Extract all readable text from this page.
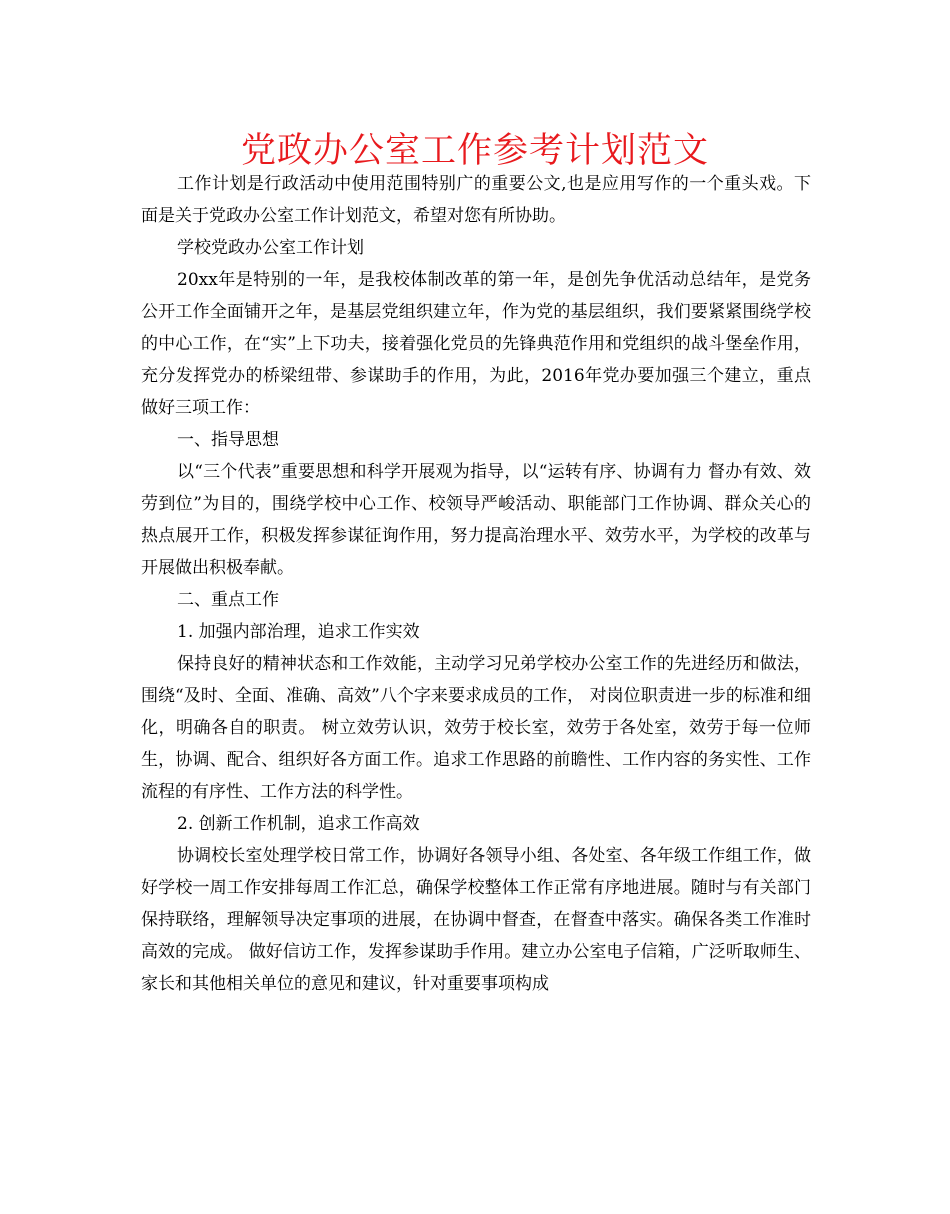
党政办公室工作参考计划范文

工作计划是行政活动中使用范围特别广的重要公文,也是应用写作的一个重头戏。下面是关于党政办公室工作计划范文，希望对您有所协助。

学校党政办公室工作计划

20xx年是特别的一年，是我校体制改革的第一年，是创先争优活动总结年，是党务公开工作全面铺开之年，是基层党组织建立年，作为党的基层组织，我们要紧紧围绕学校的中心工作，在“实”上下功夫，接着强化党员的先锋典范作用和党组织的战斗堡垒作用，充分发挥党办的桥梁纽带、参谋助手的作用，为此，2016年党办要加强三个建立，重点做好三项工作：

一、指导思想

以“三个代表”重要思想和科学开展观为指导，以“运转有序、协调有力 督办有效、效劳到位”为目的，围绕学校中心工作、校领导严峻活动、职能部门工作协调、群众关心的热点展开工作，积极发挥参谋征询作用，努力提高治理水平、效劳水平，为学校的改革与开展做出积极奉献。

二、重点工作

1. 加强内部治理，追求工作实效

保持良好的精神状态和工作效能，主动学习兄弟学校办公室工作的先进经历和做法，围绕“及时、全面、准确、高效”八个字来要求成员的工作， 对岗位职责进一步的标准和细化，明确各自的职责。 树立效劳认识，效劳于校长室，效劳于各处室，效劳于每一位师生，协调、配合、组织好各方面工作。追求工作思路的前瞻性、工作内容的务实性、工作流程的有序性、工作方法的科学性。

2. 创新工作机制，追求工作高效

协调校长室处理学校日常工作，协调好各领导小组、各处室、各年级工作组工作，做好学校一周工作安排每周工作汇总，确保学校整体工作正常有序地进展。随时与有关部门保持联络，理解领导决定事项的进展，在协调中督查，在督查中落实。确保各类工作准时高效的完成。 做好信访工作，发挥参谋助手作用。建立办公室电子信箱，广泛听取师生、家长和其他相关单位的意见和建议，针对重要事项构成
